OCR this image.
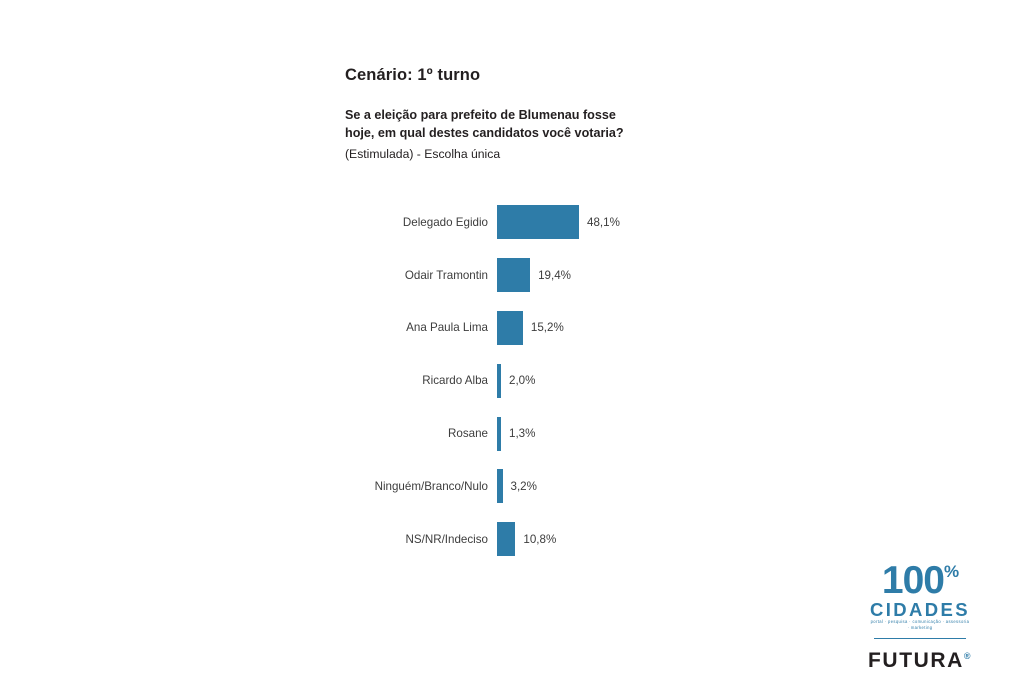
Cenário: 1º turno
Se a eleição para prefeito de Blumenau fosse
hoje, em qual destes candidatos você votaria?
(Estimulada) - Escolha única
Delegado Egidio	48,1%
Odair Tramontin	19,4%
Ana Paula Lima	15,2%
Ricardo Alba	2,0%
Rosane	1,3%
Ninguém/Branco/Nulo	3,2%
NS/NR/Indeciso	10,8%
100%
CIDADES
portal · pesquisa · comunicação · assessoria · marketing
FUTURA®
